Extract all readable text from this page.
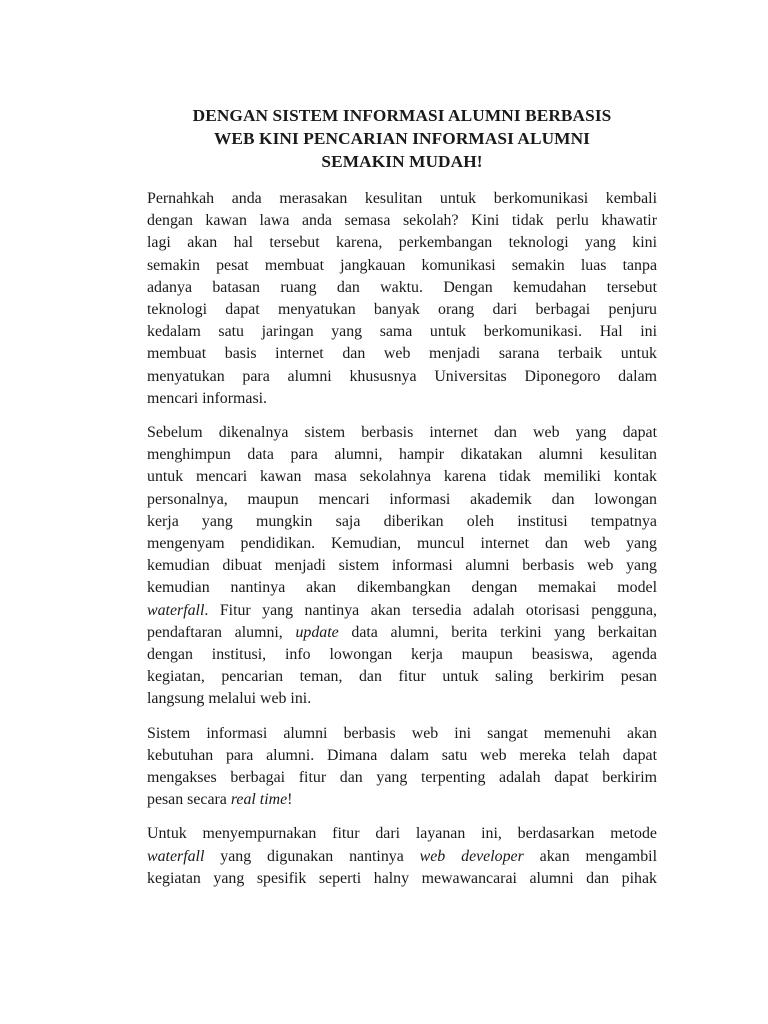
DENGAN SISTEM INFORMASI ALUMNI BERBASIS
WEB KINI PENCARIAN INFORMASI ALUMNI
SEMAKIN MUDAH!
Pernahkah anda merasakan kesulitan untuk berkomunikasi kembali
dengan kawan lawa anda semasa sekolah? Kini tidak perlu khawatir
lagi akan hal tersebut karena, perkembangan teknologi yang kini
semakin pesat membuat jangkauan komunikasi semakin luas tanpa
adanya batasan ruang dan waktu. Dengan kemudahan tersebut
teknologi dapat menyatukan banyak orang dari berbagai penjuru
kedalam satu jaringan yang sama untuk berkomunikasi. Hal ini
membuat basis internet dan web menjadi sarana terbaik untuk
menyatukan para alumni khususnya Universitas Diponegoro dalam
mencari informasi.
Sebelum dikenalnya sistem berbasis internet dan web yang dapat
menghimpun data para alumni, hampir dikatakan alumni kesulitan
untuk mencari kawan masa sekolahnya karena tidak memiliki kontak
personalnya, maupun mencari informasi akademik dan lowongan
kerja yang mungkin saja diberikan oleh institusi tempatnya
mengenyam pendidikan. Kemudian, muncul internet dan web yang
kemudian dibuat menjadi sistem informasi alumni berbasis web yang
kemudian nantinya akan dikembangkan dengan memakai model
waterfall. Fitur yang nantinya akan tersedia adalah otorisasi pengguna,
pendaftaran alumni, update data alumni, berita terkini yang berkaitan
dengan institusi, info lowongan kerja maupun beasiswa, agenda
kegiatan, pencarian teman, dan fitur untuk saling berkirim pesan
langsung melalui web ini.
Sistem informasi alumni berbasis web ini sangat memenuhi akan
kebutuhan para alumni. Dimana dalam satu web mereka telah dapat
mengakses berbagai fitur dan yang terpenting adalah dapat berkirim
pesan secara real time!
Untuk menyempurnakan fitur dari layanan ini, berdasarkan metode
waterfall yang digunakan nantinya web developer akan mengambil
kegiatan yang spesifik seperti halny mewawancarai alumni dan pihak
